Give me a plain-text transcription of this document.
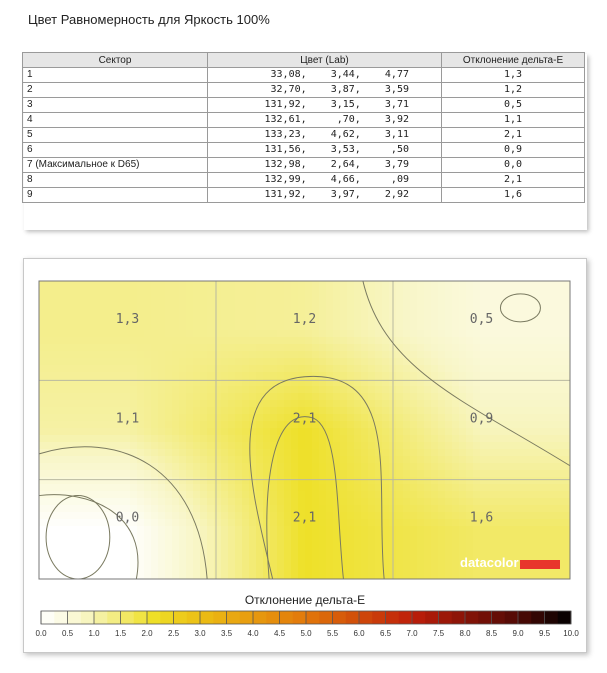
Цвет Равномерность для Яркость 100%
Сектор	Цвет (Lab)	Отклонение дельта-Е
1	33,08,    3,44,    4,77	1,3
2	32,70,    3,87,    3,59	1,2
3	131,92,    3,15,    3,71	0,5
4	132,61,     ,70,    3,92	1,1
5	133,23,    4,62,    3,11	2,1
6	131,56,    3,53,     ,50	0,9
7 (Максимальное к D65)	132,98,    2,64,    3,79	0,0
8	132,99,    4,66,     ,09	2,1
9	131,92,    3,97,    2,92	1,6
1,3	1,2	0,5
1,1	2,1	0,9
0,0	2,1	1,6
datacolor
0.0 0.5 1.0 1.5 2.0 2.5 3.0 3.5 4.0 4.5 5.0 5.5 6.0 6.5 7.0 7.5 8.0 8.5 9.0 9.5 10.0
Отклонение дельта-Е
